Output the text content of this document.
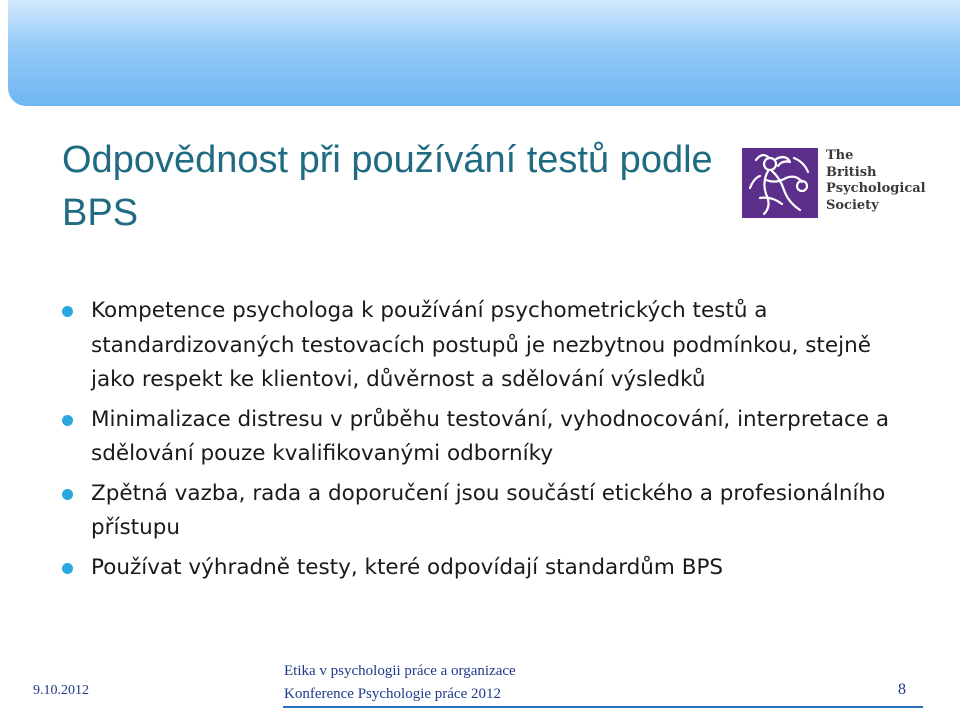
Odpovědnost při používání testů podle BPS
The
British
Psychological
Society
Kompetence psychologa k používání psychometrických testů a standardizovaných testovacích postupů je nezbytnou podmínkou, stejně jako respekt ke klientovi, důvěrnost a sdělování výsledků
Minimalizace distresu v průběhu testování, vyhodnocování, interpretace a sdělování pouze kvalifikovanými odborníky
Zpětná vazba, rada a doporučení jsou součástí etického a profesionálního přístupu
Používat výhradně testy, které odpovídají standardům BPS
9.10.2012
Etika v psychologii práce a organizace
Konference Psychologie práce 2012	8
